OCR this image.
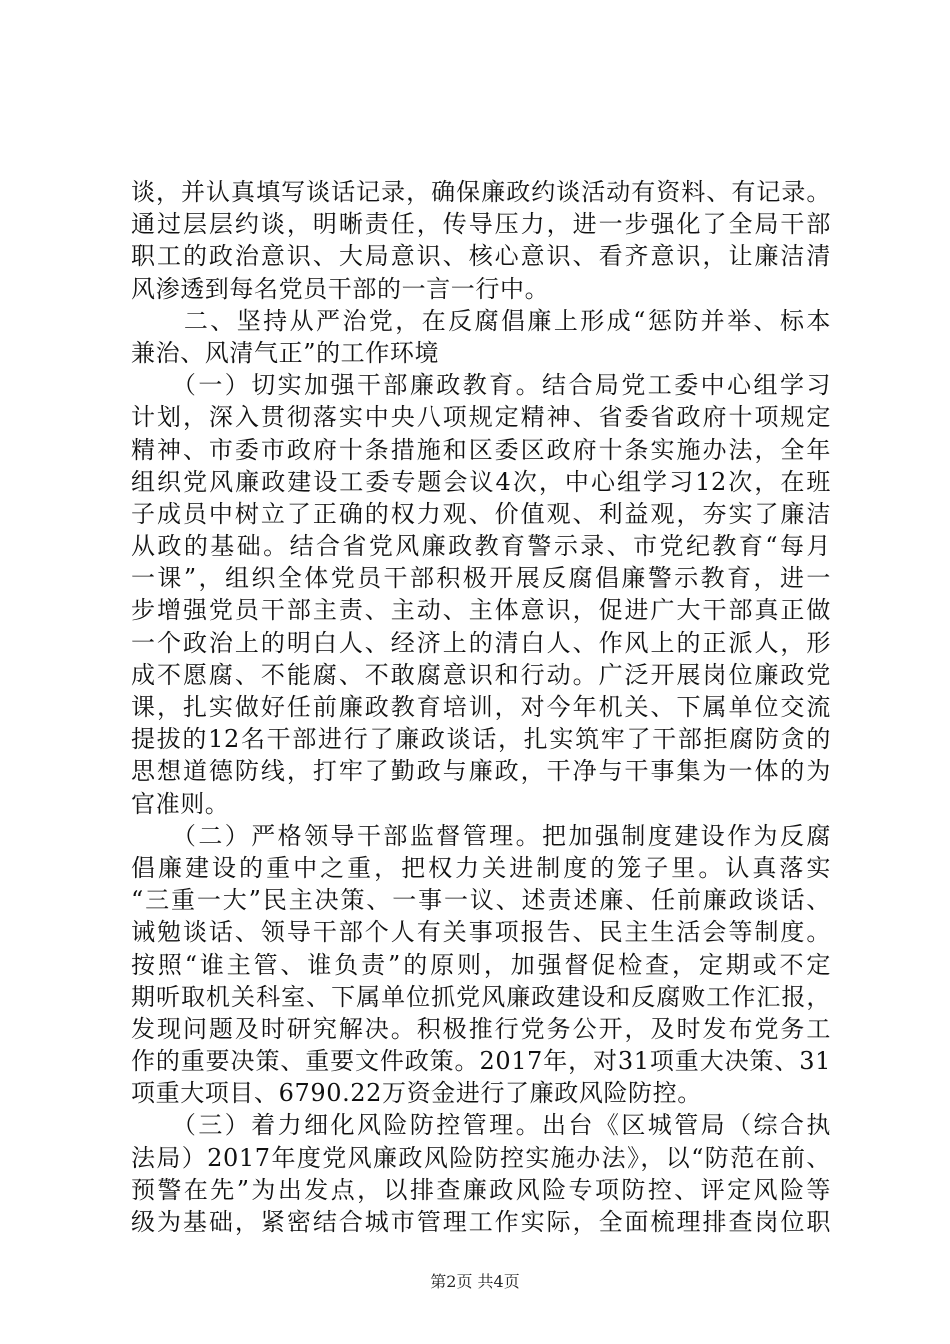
谈，并认真填写谈话记录，确保廉政约谈活动有资料、有记录。
通过层层约谈，明晰责任，传导压力，进一步强化了全局干部
职工的政治意识、大局意识、核心意识、看齐意识，让廉洁清
风渗透到每名党员干部的一言一行中。
　　二、坚持从严治党，在反腐倡廉上形成“惩防并举、标本
兼治、风清气正”的工作环境
　　（一）切实加强干部廉政教育。结合局党工委中心组学习
计划，深入贯彻落实中央八项规定精神、省委省政府十项规定
精神、市委市政府十条措施和区委区政府十条实施办法，全年
组织党风廉政建设工委专题会议4次，中心组学习12次，在班
子成员中树立了正确的权力观、价值观、利益观，夯实了廉洁
从政的基础。结合省党风廉政教育警示录、市党纪教育“每月
一课”，组织全体党员干部积极开展反腐倡廉警示教育，进一
步增强党员干部主责、主动、主体意识，促进广大干部真正做
一个政治上的明白人、经济上的清白人、作风上的正派人，形
成不愿腐、不能腐、不敢腐意识和行动。广泛开展岗位廉政党
课，扎实做好任前廉政教育培训，对今年机关、下属单位交流
提拔的12名干部进行了廉政谈话，扎实筑牢了干部拒腐防贪的
思想道德防线，打牢了勤政与廉政，干净与干事集为一体的为
官准则。
　　（二）严格领导干部监督管理。把加强制度建设作为反腐
倡廉建设的重中之重，把权力关进制度的笼子里。认真落实
“三重一大”民主决策、一事一议、述责述廉、任前廉政谈话、
诫勉谈话、领导干部个人有关事项报告、民主生活会等制度。
按照“谁主管、谁负责”的原则，加强督促检查，定期或不定
期听取机关科室、下属单位抓党风廉政建设和反腐败工作汇报，
发现问题及时研究解决。积极推行党务公开，及时发布党务工
作的重要决策、重要文件政策。2017年，对31项重大决策、31
项重大项目、6790.22万资金进行了廉政风险防控。
　　（三）着力细化风险防控管理。出台《区城管局（综合执
法局）2017年度党风廉政风险防控实施办法》，以“防范在前、
预警在先”为出发点，以排查廉政风险专项防控、评定风险等
级为基础，紧密结合城市管理工作实际，全面梳理排查岗位职
第2页 共4页
